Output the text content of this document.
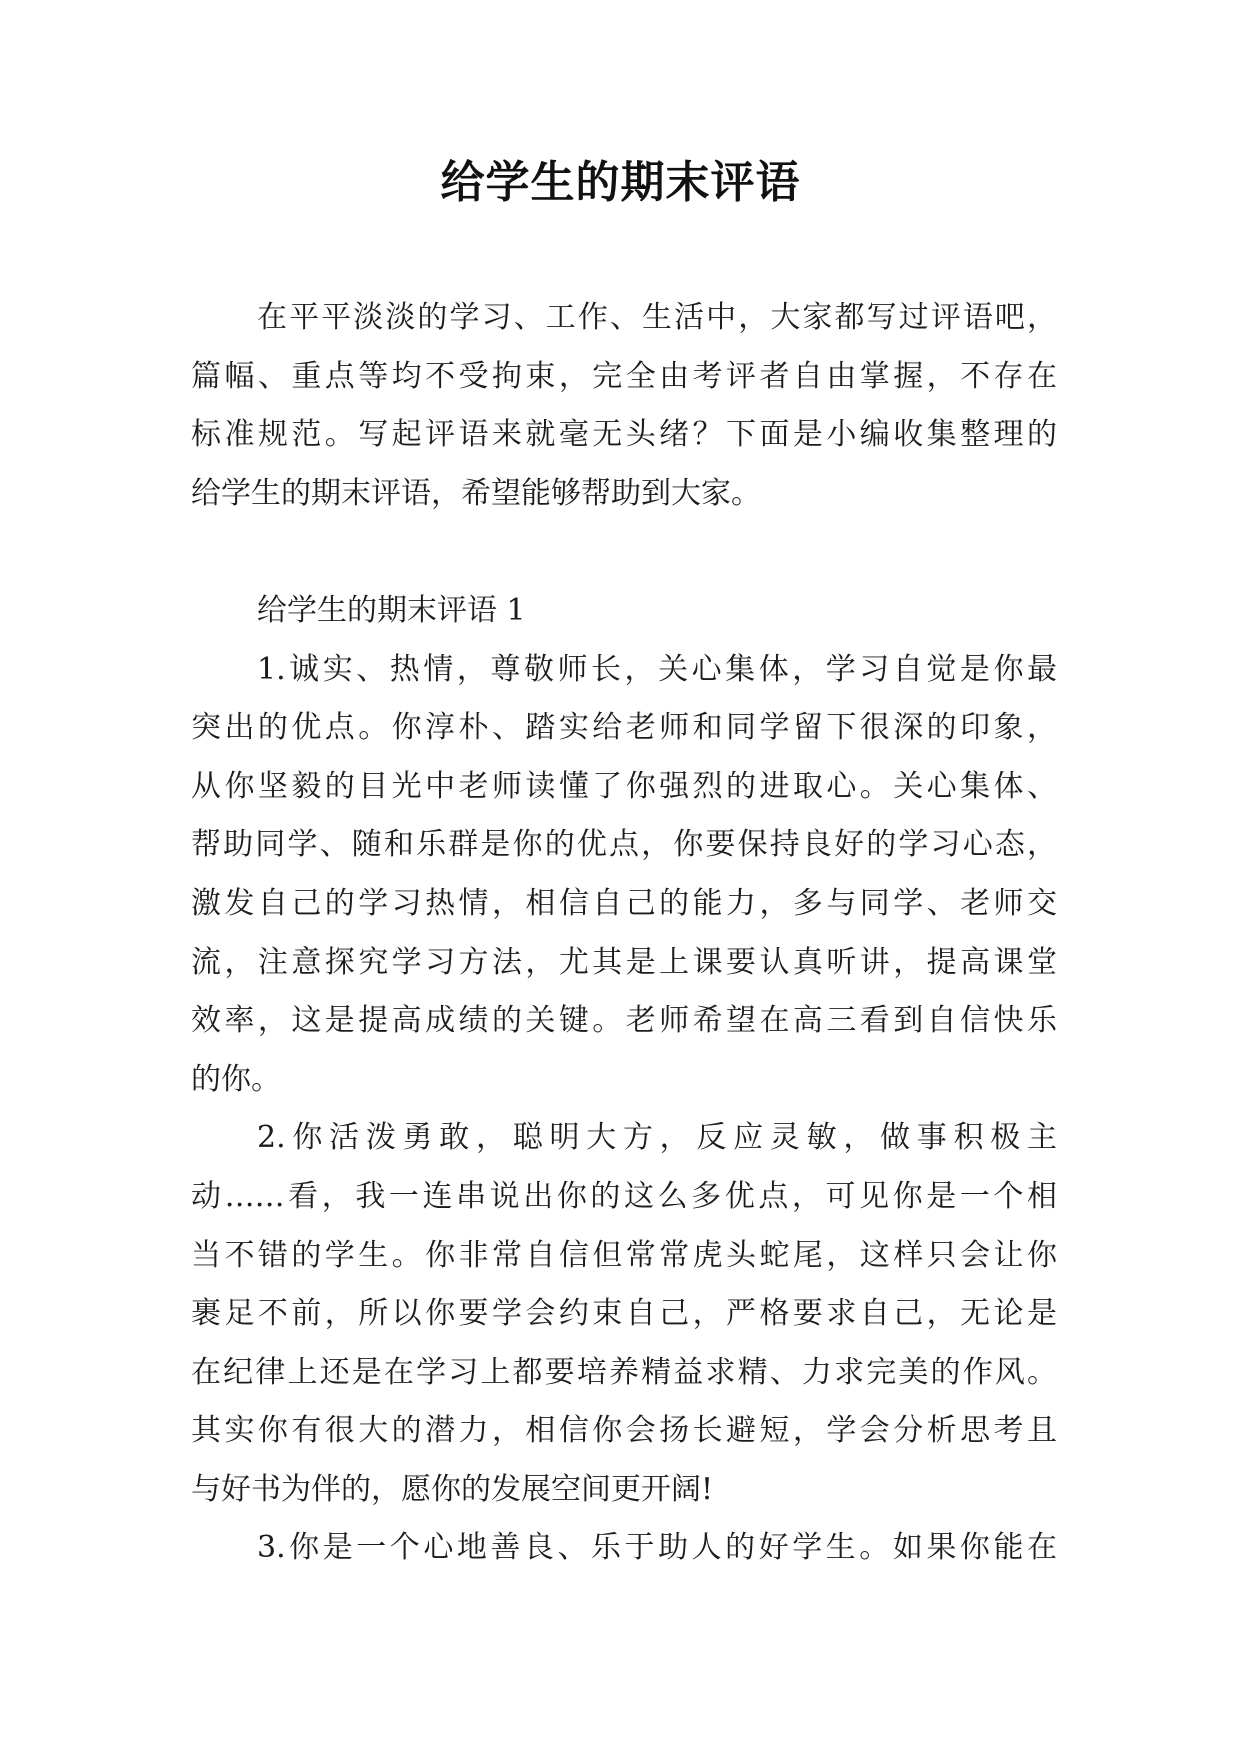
给学生的期末评语
在平平淡淡的学习、工作、生活中，大家都写过评语吧，
篇幅、重点等均不受拘束，完全由考评者自由掌握，不存在
标准规范。写起评语来就毫无头绪？下面是小编收集整理的
给学生的期末评语，希望能够帮助到大家。
给学生的期末评语 1
1.诚实、热情，尊敬师长，关心集体，学习自觉是你最
突出的优点。你淳朴、踏实给老师和同学留下很深的印象，
从你坚毅的目光中老师读懂了你强烈的进取心。关心集体、
帮助同学、随和乐群是你的优点，你要保持良好的学习心态，
激发自己的学习热情，相信自己的能力，多与同学、老师交
流，注意探究学习方法，尤其是上课要认真听讲，提高课堂
效率，这是提高成绩的关键。老师希望在高三看到自信快乐
的你。
2.你活泼勇敢，聪明大方，反应灵敏，做事积极主
动……看，我一连串说出你的这么多优点，可见你是一个相
当不错的学生。你非常自信但常常虎头蛇尾，这样只会让你
裹足不前，所以你要学会约束自己，严格要求自己，无论是
在纪律上还是在学习上都要培养精益求精、力求完美的作风。
其实你有很大的潜力，相信你会扬长避短，学会分析思考且
与好书为伴的，愿你的发展空间更开阔!
3.你是一个心地善良、乐于助人的好学生。如果你能在
